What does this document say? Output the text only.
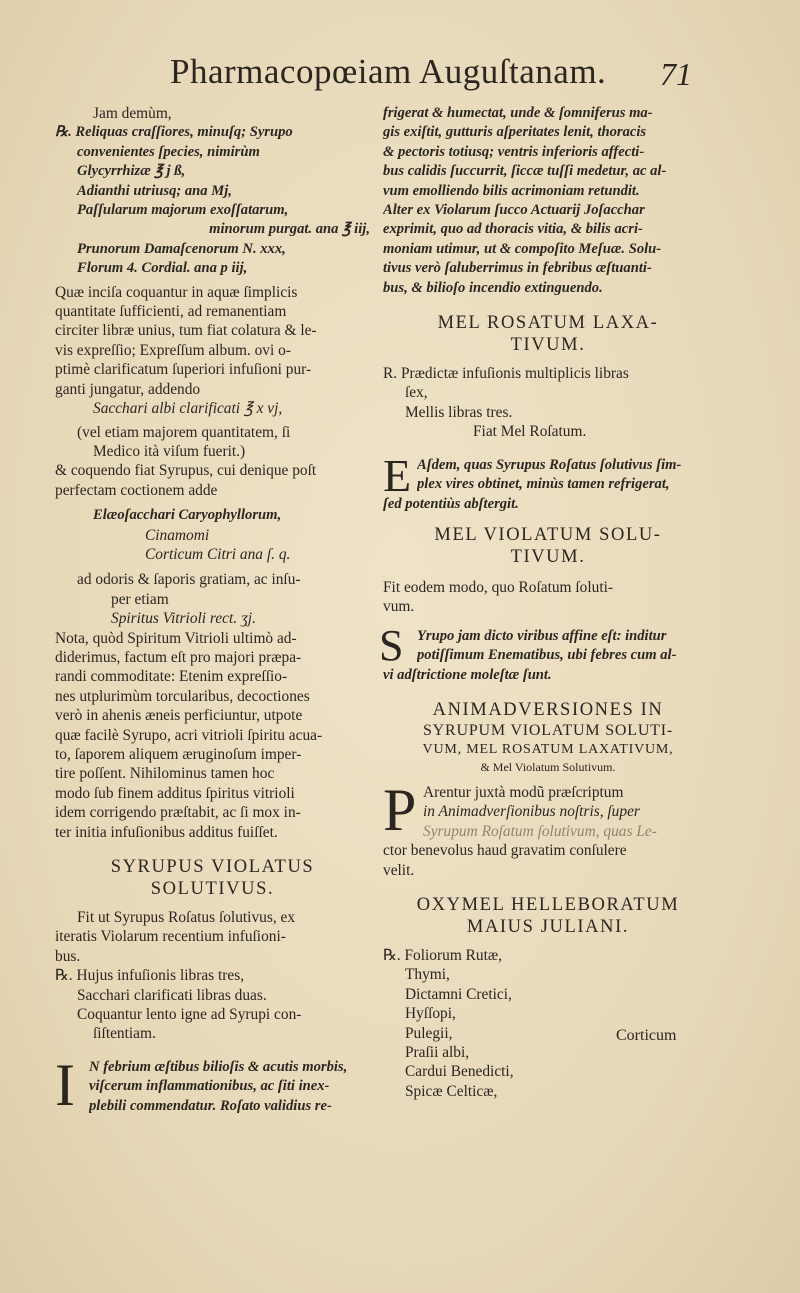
Pharmacopœiam Auguſtanam. 71
Jam demùm,
℞. Reliquas craſſiores, minuſq; Syrupo
convenientes ſpecies, nimirùm
Glycyrrhizæ ℥ j ß,
Adianthi utriusq; ana Mj,
Paſſularum majorum exoſſatarum,
minorum purgat. ana ℥ iij,
Prunorum Damaſcenorum N. xxx,
Florum 4. Cordial. ana p iij,
Quæ inciſa coquantur in aquæ ſimplicis
quantitate ſufficienti, ad remanentiam
circiter libræ unius, tum fiat colatura & le-
vis expreſſio; Expreſſum album. ovi o-
ptimè clarificatum ſuperiori infuſioni pur-
ganti jungatur, addendo
Sacchari albi clarificati ℥ x vj,
(vel etiam majorem quantitatem, ſi
Medico ità viſum fuerit.)
& coquendo fiat Syrupus, cui denique poſt
perfectam coctionem adde
Elæoſacchari Caryophyllorum,
Cinamomi
Corticum Citri ana ſ. q.
ad odoris & ſaporis gratiam, ac inſu-
per etiam
Spiritus Vitrioli rect. ʒj.
Nota, quòd Spiritum Vitrioli ultimò ad-
diderimus, factum eſt pro majori præpa-
randi commoditate: Etenim expreſſio-
nes utplurimùm torcularibus, decoctiones
verò in ahenis æneis perficiuntur, utpote
quæ facilè Syrupo, acri vitrioli ſpiritu acua-
to, ſaporem aliquem æruginoſum imper-
tire poſſent. Nihilominus tamen hoc
modo ſub finem additus ſpiritus vitrioli
idem corrigendo præſtabit, ac ſi mox in-
ter initia infuſionibus additus fuiſſet.
SYRUPUS VIOLATUS
SOLUTIVUS.
Fit ut Syrupus Roſatus ſolutivus, ex
iteratis Violarum recentium infuſioni-
bus.
℞. Hujus infuſionis libras tres,
Sacchari clarificati libras duas.
Coquantur lento igne ad Syrupi con-
ſiſtentiam.
I N febrium æſtibus bilioſis & acutis morbis,
viſcerum inflammationibus, ac ſiti inex-
plebili commendatur. Roſato validius re-
frigerat & humectat, unde & ſomniferus ma-
gis exiſtit, gutturis aſperitates lenit, thoracis
& pectoris totiusq; ventris inferioris affecti-
bus calidis ſuccurrit, ſiccæ tuſſi medetur, ac al-
vum emolliendo bilis acrimoniam retundit.
Alter ex Violarum ſucco Actuarij Joſacchar
exprimit, quo ad thoracis vitia, & bilis acri-
moniam utimur, ut & compoſito Meſuæ. Solu-
tivus verò ſaluberrimus in febribus æſtuanti-
bus, & bilioſo incendio extinguendo.
MEL ROSATUM LAXA-
TIVUM.
R. Prædictæ infuſionis multiplicis libras
ſex,
Mellis libras tres.
Fiat Mel Roſatum.
E Aſdem, quas Syrupus Roſatus ſolutivus ſim-
plex vires obtinet, minùs tamen refrigerat,
ſed potentiùs abſtergit.
MEL VIOLATUM SOLU-
TIVUM.
Fit eodem modo, quo Roſatum ſoluti-
vum.
S Yrupo jam dicto viribus affine eſt: inditur
potiſſimum Enematibus, ubi febres cum al-
vi adſtrictione moleſtæ ſunt.
ANIMADVERSIONES IN
SYRUPUM VIOLATUM SOLUTI-
VUM, MEL ROSATUM LAXATIVUM,
& Mel Violatum Solutivum.
P Arentur juxtà modũ præſcriptum
in Animadverſionibus noſtris, ſuper
Syrupum Roſatum ſolutivum, quas Le-
ctor benevolus haud gravatim conſulere
velit.
OXYMEL HELLEBORATUM
MAIUS JULIANI.
℞. Foliorum Rutæ,
Thymi,
Dictamni Cretici,
Hyſſopi,
Pulegii,
Praſii albi,
Cardui Benedicti,
Spicæ Celticæ,
Corticum
